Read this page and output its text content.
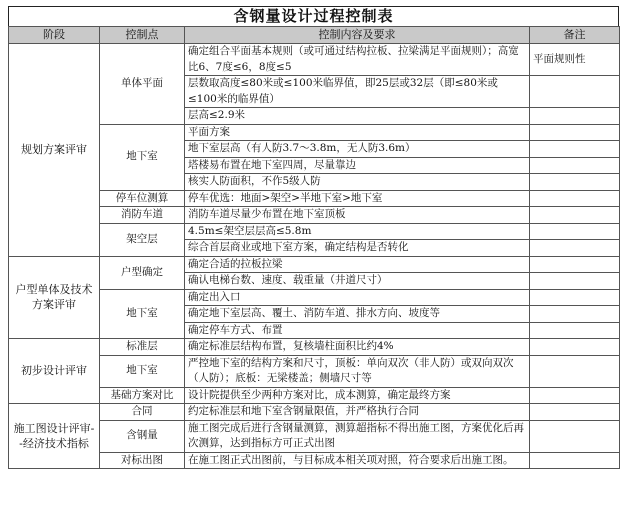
含钢量设计过程控制表
阶段	控制点	控制内容及要求	备注
规划方案评审	单体平面	确定组合平面基本规则（或可通过结构拉板、拉梁满足平面规则）；高宽比6、7度≤6，8度≤5	平面规则性
		层数取高度≤80米或≤100米临界值，即25层或32层（即≤80米或≤100米的临界值）	
		层高≤2.9米	
	地下室	平面方案	
		地下室层高（有人防3.7～3.8m，无人防3.6m）	
		塔楼易布置在地下室四周，尽量靠边	
		核实人防面积，不作5级人防	
	停车位测算	停车优选：地面>架空>半地下室>地下室	
	消防车道	消防车道尽量少布置在地下室顶板	
	架空层	4.5m≤架空层层高≤5.8m	
		综合首层商业或地下室方案，确定结构是否转化	
户型单体及技术方案评审	户型确定	确定合适的拉板拉梁	
		确认电梯台数、速度、载重量（井道尺寸）	
	地下室	确定出入口	
		确定地下室层高、覆土、消防车道、排水方向、坡度等	
		确定停车方式、布置	
初步设计评审	标准层	确定标准层结构布置，复核墙柱面积比约4%	
	地下室	严控地下室的结构方案和尺寸，顶板：单向双次（非人防）或双向双次（人防）；底板：无梁楼盖；侧墙尺寸等	
	基础方案对比	设计院提供至少两种方案对比，成本测算，确定最终方案	
施工图设计评审--经济技术指标	合同	约定标准层和地下室含钢量限值，并严格执行合同	
	含钢量	施工图完成后进行含钢量测算，测算超指标不得出施工图，方案优化后再次测算，达到指标方可正式出图	
	对标出图	在施工图正式出图前，与目标成本相关项对照，符合要求后出施工图。	
